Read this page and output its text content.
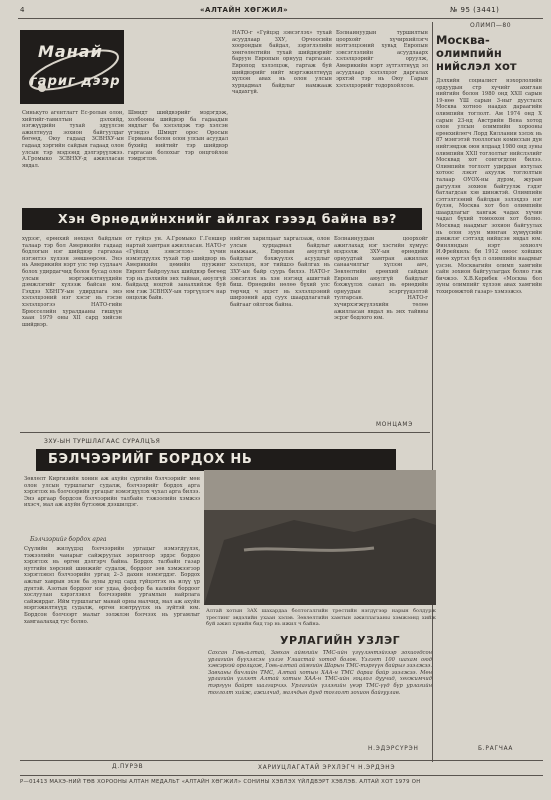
4	«АЛТАЙН ХӨГЖИЛ»	№ 95 (3441)
Манай
гариг дээр
Синькуто агентлагт Ес-ролын олон, хийтийг-тавилтын дэлхийд, нэгжүүдийн тухай эдүүлсэн ажилтнууд зохион байгуулдаг бөгөөд, Оюу гадаад ЗСВНХУ-ын гадаад хэргийн сайдын гадаад олон улсын тэр мэдээнд дэлгэрүүлжээ. А.Громыко ЗСВНХУ-д ажилласан явдал.
Шмидт шийдвэрийг мэдэгдэж, холбооны шийдвэр ба гадаадын явдлыг ба хэлэлцэж тэр хэлсэн үгэндээ Шмидт орос Оросын Германы болон олон улсын асуудал бүхийд нийтийг тэр шийдвэр гаргасан болохыг тэр онцгойлон тэмдэглэв.
НАТО-г «Гүйцэд зэвсэглэх» тухай асуудлаар ЗХУ, Орчоосийн хоорондын байдал, зэрэглэлийн хөнгөлөлтийн тухай шийдвэрийг баруун Европын орнууд гаргасан. Европод хэлэлцэж, гаргаж буй шийдвэрийг нийт мэргэжилтнүүд хүлээн авах нь олон улсын хурцадмал байдлыг намжааж чадахгүй.
Бэлнаинуудын туршилтын цоорхойг хүчирхийлэгч мэтгэлцээний хувьд Европын зэвсэглэлийн асуудлаарх хэлэлцээрийг оруулж, Америкийн нэрт зүтгэлтнүүд эл асуудлаар хэлэлцээг даргалах эрхтэй тэр нь Оюу Гарын хэлэлцээрийг тодорхойлсон.
ОЛИМП—80
Москва-
олимпийн
нийслэл хот
Дэлхийн социалист нэхорлолийн ордуудын стр хүчийг ахиглан нийгийн болон 1980 онд ХХII сарын 19-нөө ҮШ сарын 3-ныг дуусталх Москва хотноо наадах дараагийн олимпийн тоглолт. Ам 1974 онд Х сарын 23-нд Австрийн Вена хотод олон улсын олимпийн хорооны ерөнхийлөгч Лорд Киллании хэлэх нь 87 мэнгэтэй тооллогын комиссын дүн нийгэмдэж оюн ялдаад 1980 онд зуны олимпийн ХХII тоглолтыг нийслэлийг Москвад хот сонгогдсон билээ. Олимпийн тоглолт удирдан ихтулах хотоос лэкэт ахуулж тоглолтын талаар ОУОХ-ны дүрэм, журам дагуулэн зохион байгуулж гэдэг батлагдсан хэв шинжтэй. Олимпийн сэтгэлгээний байлдан эзлэхдээ нэг бүлэн, Москва хот бол олимпийн шаардлагыг хангаж чадах хүчин чадал бүхий томоохон хот болно. Москвад наадмыг зохион байгуулах нь олон зуун мянган хүмүүсийн дэмжлэг сэтгэлд нийцсэн явдал юм. Финляндын нэрт зохиолч И.Фрейкиль: би 1912 оноос хойших өнөө хүртэл бүх л олимпийн наадмыг үзсэн. Москвагийн олимп хамгийн сайн зохион байгуулагдах болно гэж бичжээ. Х.В.Керибек «Москва бол зуны олимпийг хүлээн авах хамгийн тохиромжтой газар» хэмээжээ.
Б.РАГЧАА
Хэн Өрнөдийнхнийг айлгах гэээд байна вэ?
хүрээг, ерөнхий нөхцөл байдлын талаар тэр бол Америкийн гадаад бодлогын нэг шийдвэр гаргахаа нэгэнтээ хүлээн зөвшөөрсөн. Энэ нь Америкийн нэрт улс төр судлаач болох удирдагчид болон бусад олон улсын мэргэжилтнүүдийн дэмжлэгийг хүлээж байсан юм. Гэхдээ ХБНГУ-ын удирдлага энэ хэлэлцээний нэг хэсэг нь гэсэн хэлэлцээгээ НАТО-гийн Брюсселийн хуралдааны гишүүн хаан 1979 оны XII сард хийсэн шийдвэр.
от гүйцэ ун. А.Громыко Г.Геншер нартай хамтран ажилласан. НАТО-г «Гүйцэд зэвсэглэх» хүчин нэмэгдүүлэх тухай тэр шийдвэр нь Америкийн цөмийн пуужинг Европт байрлуулах шийдвэр бөгөөд тэр нь дэлхийн энх тайван, аюулгүй байдалд ноцтой заналхийлж буй юм гэж ЗСВНХУ-ын тэргүүлэгч нар онцолж байв.
нийгэм харилцааг харгалзаж, олон улсын хурцадмал байдлыг намжааж, Европын аюулгүй байдлыг бэхжүүлэх асуудлыг хэлэлцэх, нэг тийшээ байлгах нь ЗХУ-ын байр суурь билээ. НАТО-г зэвсэглэх нь хэн нэгэнд ашигтай биш. Өрнөдийн нөлөө бүхий улс төрчид ч эцэст нь хэлэлцээний ширээний ард суух шаардлагатай байгааг ойлгож байна.
Бэлнаинуудын цоорхойг ажиглахад нэг хэсгийн хүмүүс мэдээлж ЗХУ-ын өрнөдийн орнуудтай хамтран ажиллах санаачилгыг хүлээн авч, Зөвлөлтийн ерөнхий сайдын Европын аюулгүй байдлыг бэхжүүлэх санал нь өрнөдийн орнуудын эсэргүүцэлтэй тулгарсан. НАТО-г хүчирхэгжүүлэхийн төлөө ажилласан явдал нь энх тайвны эсрэг бодлого юм.
МОНЦАМЭ
ЗХУ-ЫН ТУРШЛАГААС СУРАЛЦЪЯ
БЭЛЧЭЭРИЙГ БОРДОХ НЬ
Зөвлөлт Киргизийн хонин аж ахуйн сүргийн бэлчээрийг мөн олон улсын туршлагыг судалж, бэлчээрийг бордох арга хэрэглэх нь бэлчээрийн ургацыг нэмэгдүүлэх чухал арга билээ. Энэ аргаар бордсон бэлчээрийн талбайн тэжээлийн хэмжээ ихэсч, мал аж ахуйн бүтээмж дээшилдэг.
Бэлчээрийг бордох арга
Сүүлийн жилүүдэд бэлчээрийн ургацыг нэмэгдүүлэх, тэжээлийн чанарыг сайжруулах зорилгоор эрдэс бордоо хэрэглэх нь өргөн дэлгэрч байна. Бордох талбайн газар нутгийн хөрсний шинжийг судалж, бордоог зөв хэмжээгээр хэрэглэвэл бэлчээрийн ургац 2–3 дахин нэмэгддэг. Бордох ажлыг хаврын эхэн ба зуны дунд сард гүйцэтгэх нь илүү үр дүнтэй. Азотын бордоог нэг удаа, фосфор ба калийн бордоог хослуулан хэрэглэвэл бэлчээрийн ургамлын найрлага сайжирдаг. Ийм туршлагыг манай орны малчид, мал аж ахуйн мэргэжилтнүүд судалж, өргөн нэвтрүүлэх нь зүйтэй юм. Бордсон бэлчээрт малыг ээлжлэн бэлчээх нь ургамлыг хамгаалахад тус болно.
Д.ПУРЭВ
Алтай хотын ЗАХ шахардаа болтогалгийн трестийн нэгдүгээр нарын болдурж трестинг эвдэлийн ухаан хэлэв. Зөвлөлтийн хамтын ажиллагааны хэмжээнд хийж буй ажил хүнийн бид тэр нь ижил ч байна.
УРЛАГИЙН УЗЛЭГ
Сахсан Говь-алтай, Завхан аймгийн ТМС-ийн үзүүлэнтэйгээр зохиогдсон урлагийн бүүхэлсэн үзлэг Улиастай хотод болов. Үзлэгт 100 шахам оюд хэвсэргэй оролцож, Говь-алтай аймгийн Шарын ТМС-тэргүүн байрыг эзэлжээ. Завханы бичлийн ТМС, Алтай хотын ХАА-н ТМС дараа байр эзэлжээ. Мөн урлагийн үзлэгт Алтай хотын ХАА-н ТМС-ийн гоцлол дуучид, хөгжимчид тэргүүн байрт шалгарчээ. Урлагийн үзлэгийн үеэр ТМС-үүд бүр урлагийн тоглолт хийж, ажилчид, малчдын дунд тоглолт зохион байгуулав.
Н.ЭДЭРСҮРЭН
ХАРИУЦЛАГАТАЙ ЭРХЛЭГЧ Н.ЭРДЭНЭ
Р—01413 МАХЭ-НИЙ ТӨВ ХОРООНЫ АЛТАН МЕДАЛЬТ «АЛТАЙН ХӨГЖИЛ» СОНИНЫ ХЭВЛЭХ ҮЙЛДВЭРТ ХЭВЛЭВ. АЛТАЙ ХОТ 1979 ОН
